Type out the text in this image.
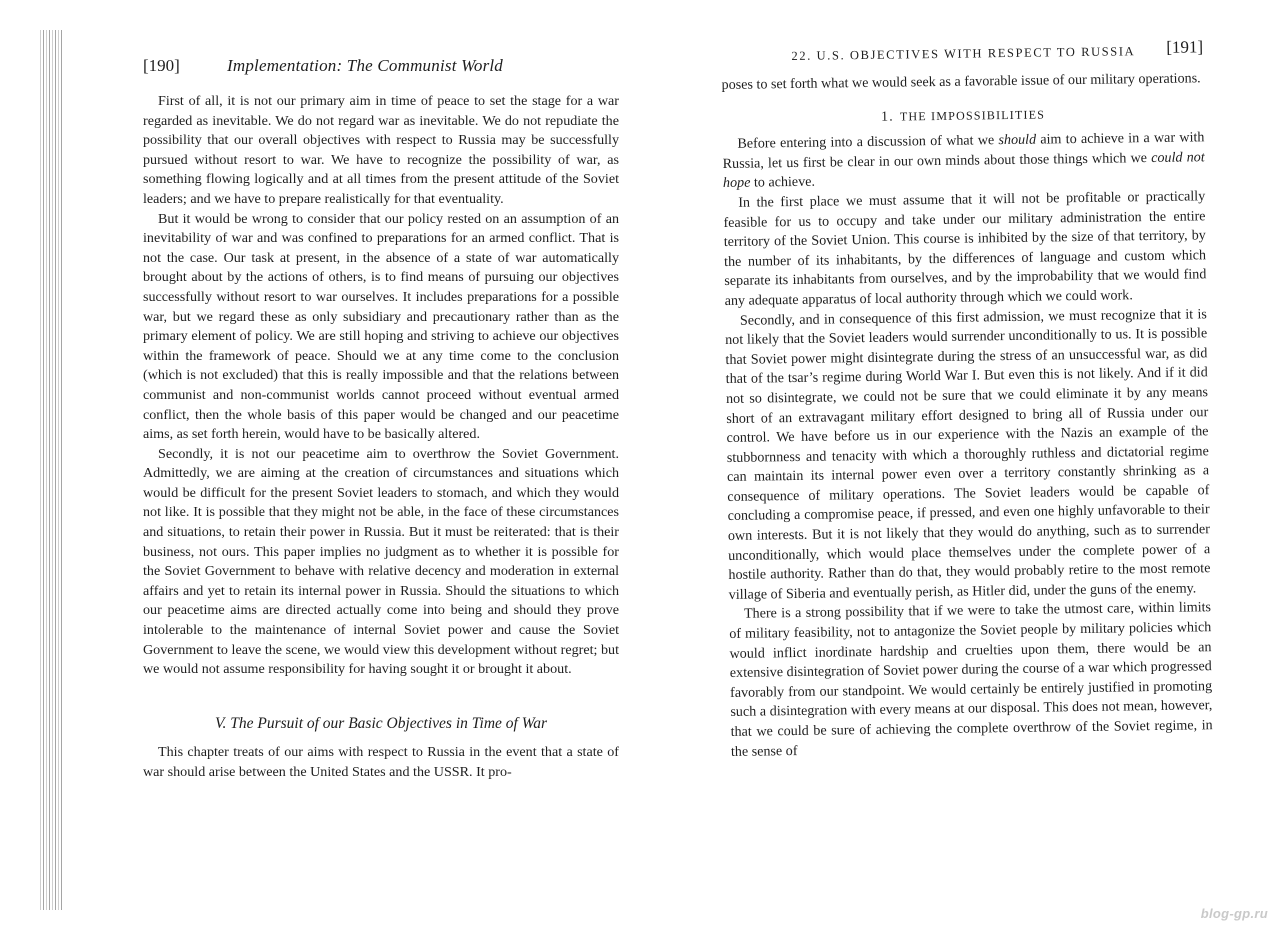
[190]	Implementation: The Communist World

First of all, it is not our primary aim in time of peace to set the stage for a war regarded as inevitable. We do not regard war as inevitable. We do not repudiate the possibility that our overall objectives with respect to Russia may be successfully pursued without resort to war. We have to recognize the possibility of war, as something flowing logically and at all times from the present attitude of the Soviet leaders; and we have to prepare realistically for that eventuality.

But it would be wrong to consider that our policy rested on an assumption of an inevitability of war and was confined to preparations for an armed conflict. That is not the case. Our task at present, in the absence of a state of war automatically brought about by the actions of others, is to find means of pursuing our objectives successfully without resort to war ourselves. It includes preparations for a possible war, but we regard these as only subsidiary and precautionary rather than as the primary element of policy. We are still hoping and striving to achieve our objectives within the framework of peace. Should we at any time come to the conclusion (which is not excluded) that this is really impossible and that the relations between communist and non-communist worlds cannot proceed without eventual armed conflict, then the whole basis of this paper would be changed and our peacetime aims, as set forth herein, would have to be basically altered.

Secondly, it is not our peacetime aim to overthrow the Soviet Government. Admittedly, we are aiming at the creation of circumstances and situations which would be difficult for the present Soviet leaders to stomach, and which they would not like. It is possible that they might not be able, in the face of these circumstances and situations, to retain their power in Russia. But it must be reiterated: that is their business, not ours. This paper implies no judgment as to whether it is possible for the Soviet Government to behave with relative decency and moderation in external affairs and yet to retain its internal power in Russia. Should the situations to which our peacetime aims are directed actually come into being and should they prove intolerable to the maintenance of internal Soviet power and cause the Soviet Government to leave the scene, we would view this development without regret; but we would not assume responsibility for having sought it or brought it about.

V. The Pursuit of our Basic Objectives in Time of War

This chapter treats of our aims with respect to Russia in the event that a state of war should arise between the United States and the USSR. It pro-

22. U.S. OBJECTIVES WITH RESPECT TO RUSSIA [191]

poses to set forth what we would seek as a favorable issue of our military operations.

1. THE IMPOSSIBILITIES

Before entering into a discussion of what we should aim to achieve in a war with Russia, let us first be clear in our own minds about those things which we could not hope to achieve.

In the first place we must assume that it will not be profitable or practically feasible for us to occupy and take under our military administration the entire territory of the Soviet Union. This course is inhibited by the size of that territory, by the number of its inhabitants, by the differences of language and custom which separate its inhabitants from ourselves, and by the improbability that we would find any adequate apparatus of local authority through which we could work.

Secondly, and in consequence of this first admission, we must recognize that it is not likely that the Soviet leaders would surrender unconditionally to us. It is possible that Soviet power might disintegrate during the stress of an unsuccessful war, as did that of the tsar’s regime during World War I. But even this is not likely. And if it did not so disintegrate, we could not be sure that we could eliminate it by any means short of an extravagant military effort designed to bring all of Russia under our control. We have before us in our experience with the Nazis an example of the stubbornness and tenacity with which a thoroughly ruthless and dictatorial regime can maintain its internal power even over a territory constantly shrinking as a consequence of military operations. The Soviet leaders would be capable of concluding a compromise peace, if pressed, and even one highly unfavorable to their own interests. But it is not likely that they would do anything, such as to surrender unconditionally, which would place themselves under the complete power of a hostile authority. Rather than do that, they would probably retire to the most remote village of Siberia and eventually perish, as Hitler did, under the guns of the enemy.

There is a strong possibility that if we were to take the utmost care, within limits of military feasibility, not to antagonize the Soviet people by military policies which would inflict inordinate hardship and cruelties upon them, there would be an extensive disintegration of Soviet power during the course of a war which progressed favorably from our standpoint. We would certainly be entirely justified in promoting such a disintegration with every means at our disposal. This does not mean, however, that we could be sure of achieving the complete overthrow of the Soviet regime, in the sense of

blog-gp.ru
